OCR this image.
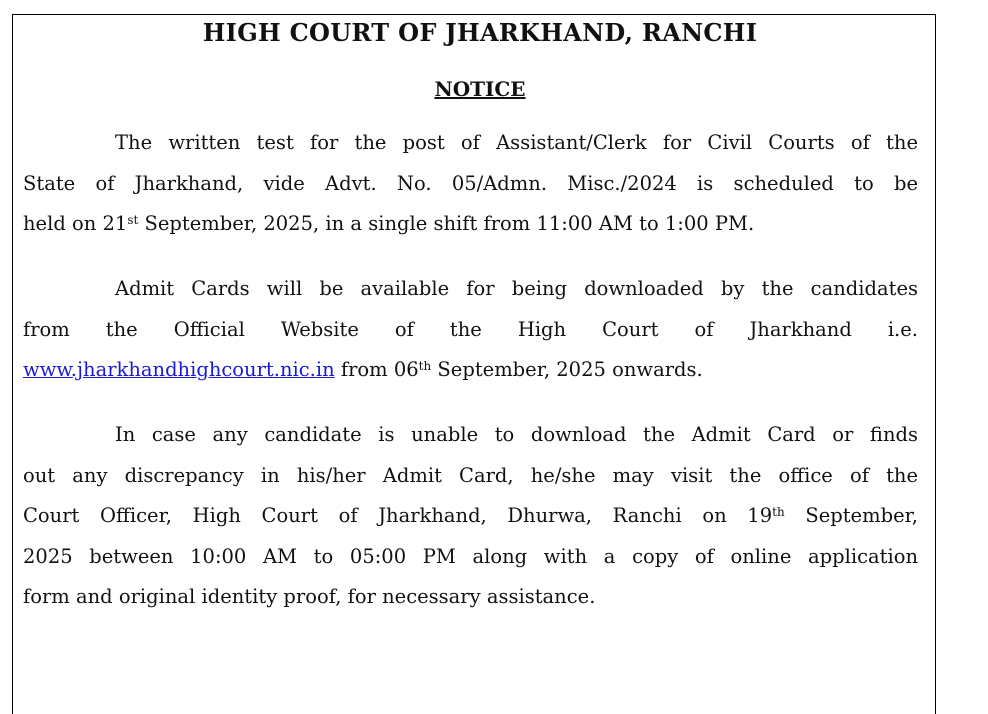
HIGH COURT OF JHARKHAND, RANCHI
NOTICE
The written test for the post of Assistant/Clerk for Civil Courts of the
State of Jharkhand, vide Advt. No. 05/Admn. Misc./2024 is scheduled to be
held on 21st September, 2025, in a single shift from 11:00 AM to 1:00 PM.
Admit Cards will be available for being downloaded by the candidates
from the Official Website of the High Court of Jharkhand i.e.
www.jharkhandhighcourt.nic.in from 06th September, 2025 onwards.
In case any candidate is unable to download the Admit Card or finds
out any discrepancy in his/her Admit Card, he/she may visit the office of the
Court Officer, High Court of Jharkhand, Dhurwa, Ranchi on 19th September,
2025 between 10:00 AM to 05:00 PM along with a copy of online application
form and original identity proof, for necessary assistance.
